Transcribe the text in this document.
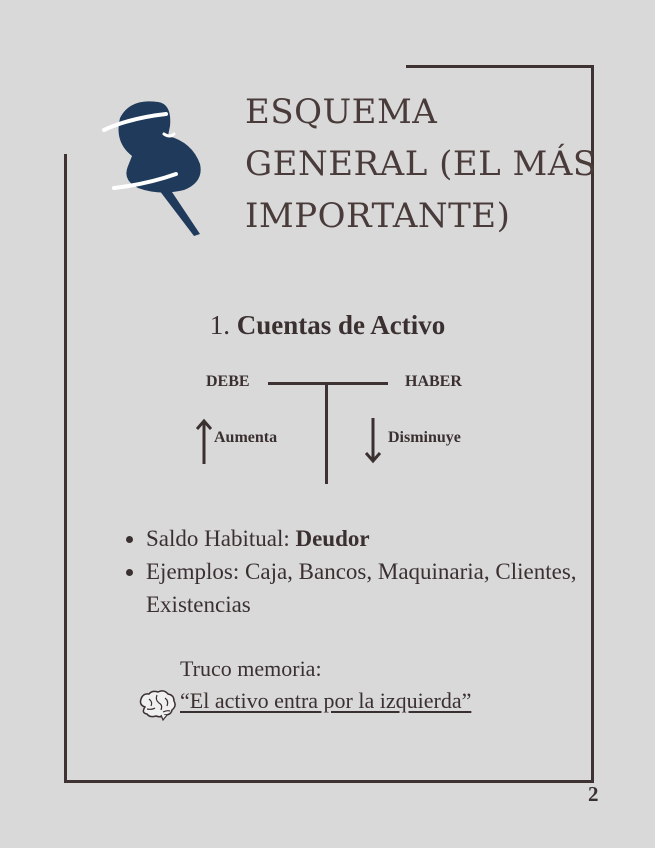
ESQUEMA GENERAL (EL MÁS IMPORTANTE)
1. Cuentas de Activo
DEBE	HABER
Aumenta	Disminuye
• Saldo Habitual: Deudor
• Ejemplos: Caja, Bancos, Maquinaria, Clientes, Existencias
Truco memoria:
“El activo entra por la izquierda”
2
